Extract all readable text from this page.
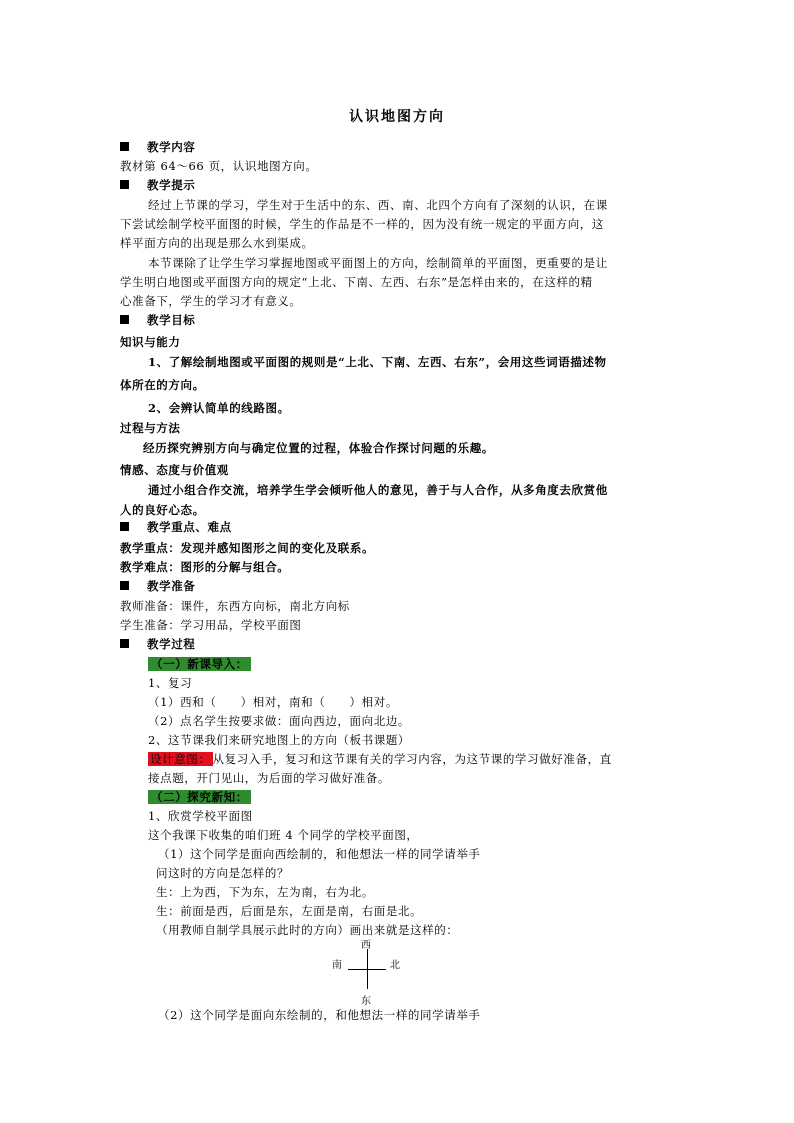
认识地图方向
教学内容
教材第 64～66 页，认识地图方向。
教学提示
经过上节课的学习，学生对于生活中的东、西、南、北四个方向有了深刻的认识，在课
下尝试绘制学校平面图的时候，学生的作品是不一样的，因为没有统一规定的平面方向，这
样平面方向的出现是那么水到渠成。
本节课除了让学生学习掌握地图或平面图上的方向，绘制简单的平面图，更重要的是让
学生明白地图或平面图方向的规定“上北、下南、左西、右东”是怎样由来的，在这样的精
心准备下，学生的学习才有意义。
教学目标
知识与能力
1、了解绘制地图或平面图的规则是“上北、下南、左西、右东”，会用这些词语描述物
体所在的方向。
2、会辨认简单的线路图。
过程与方法
经历探究辨别方向与确定位置的过程，体验合作探讨问题的乐趣。
情感、态度与价值观
通过小组合作交流，培养学生学会倾听他人的意见，善于与人合作，从多角度去欣赏他
人的良好心态。
教学重点、难点
教学重点：发现并感知图形之间的变化及联系。
教学难点：图形的分解与组合。
教学准备
教师准备：课件，东西方向标，南北方向标
学生准备：学习用品，学校平面图
教学过程
（一）新课导入：
1、复习
（1）西和（　　）相对，南和（　　）相对。
（2）点名学生按要求做：面向西边，面向北边。
2、这节课我们来研究地图上的方向（板书课题）
设计意图： 从复习入手，复习和这节课有关的学习内容，为这节课的学习做好准备，直
接点题，开门见山，为后面的学习做好准备。
（二）探究新知：
1、欣赏学校平面图
这个我课下收集的咱们班 4 个同学的学校平面图，
（1）这个同学是面向西绘制的，和他想法一样的同学请举手
问这时的方向是怎样的？
生：上为西，下为东，左为南，右为北。
生：前面是西，后面是东，左面是南，右面是北。
（用教师自制学具展示此时的方向）画出来就是这样的：
西
南	北
东
（2）这个同学是面向东绘制的，和他想法一样的同学请举手
